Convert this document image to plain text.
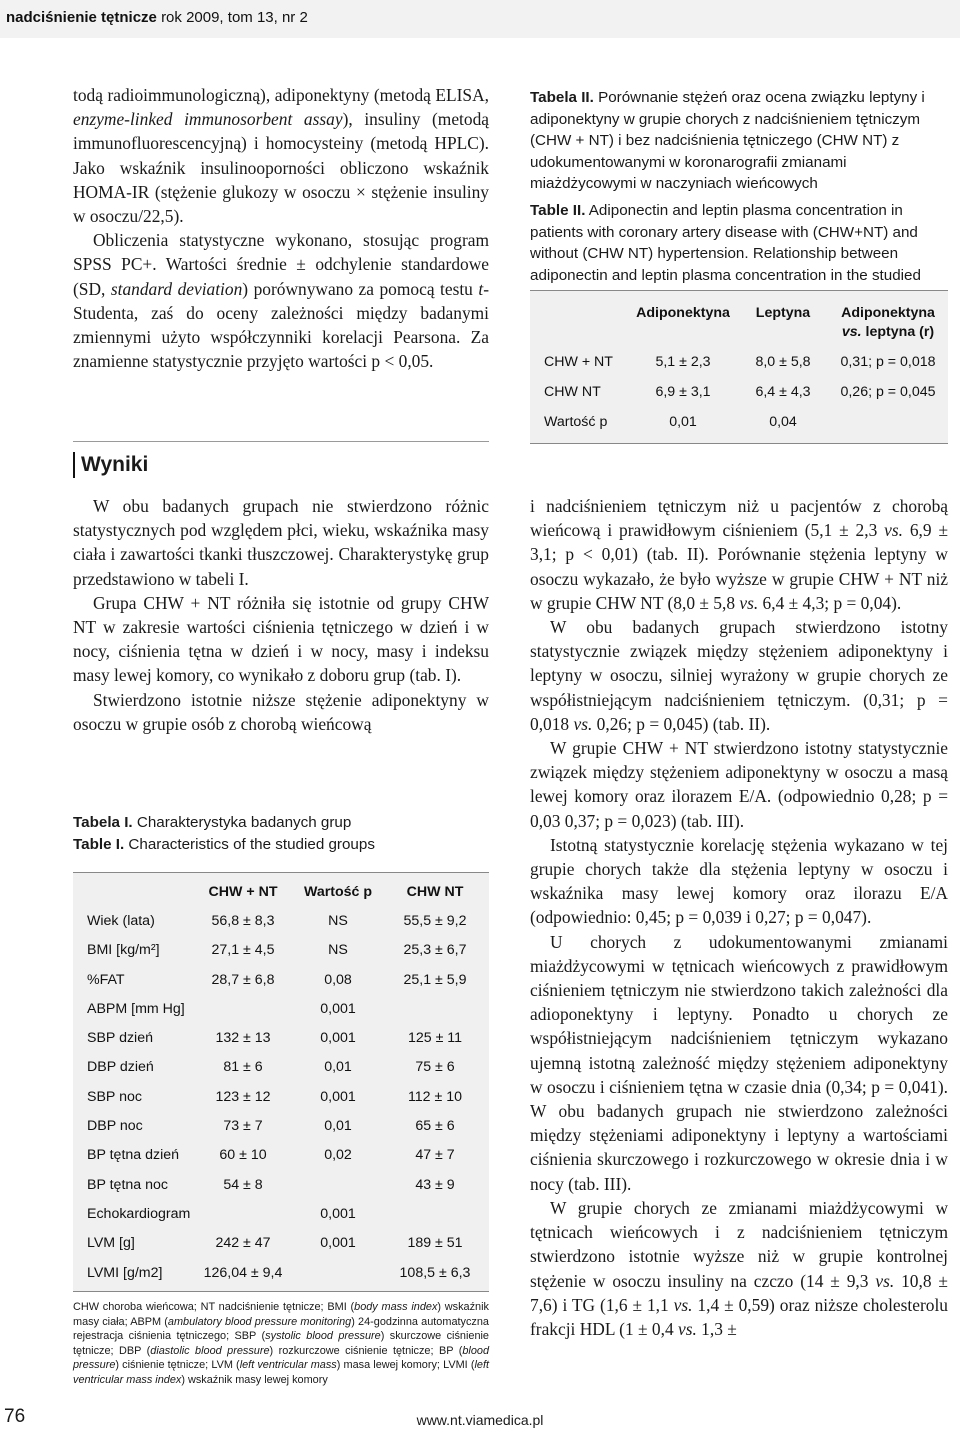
nadciśnienie tętnicze rok 2009, tom 13, nr 2

todą radioimmunologiczną), adiponektyny (metodą ELISA, enzyme-linked immunosorbent assay), insuliny (metodą immunofluorescencyjną) i homocysteiny (metodą HPLC). Jako wskaźnik insulinooporności obliczono wskaźnik HOMA-IR (stężenie glukozy w osoczu × stężenie insuliny w osoczu/22,5).

Obliczenia statystyczne wykonano, stosując program SPSS PC+. Wartości średnie ± odchylenie standardowe (SD, standard deviation) porównywano za pomocą testu t-Studenta, zaś do oceny zależności między badanymi zmiennymi użyto współczynniki korelacji Pearsona. Za znamienne statystycznie przyjęto wartości p < 0,05.

Wyniki

W obu badanych grupach nie stwierdzono różnic statystycznych pod względem płci, wieku, wskaźnika masy ciała i zawartości tkanki tłuszczowej. Charakterystykę grup przedstawiono w tabeli I.

Grupa CHW + NT różniła się istotnie od grupy CHW NT w zakresie wartości ciśnienia tętniczego w dzień i w nocy, ciśnienia tętna w dzień i w nocy, masy i indeksu masy lewej komory, co wynikało z doboru grup (tab. I).

Stwierdzono istotnie niższe stężenie adiponektyny w osoczu w grupie osób z chorobą wieńcową

Tabela I. Charakterystyka badanych grup
Table I. Characteristics of the studied groups
	CHW + NT	Wartość p	CHW NT
Wiek (lata)	56,8 ± 8,3	NS	55,5 ± 9,2
BMI [kg/m²]	27,1 ± 4,5	NS	25,3 ± 6,7
%FAT	28,7 ± 6,8	0,08	25,1 ± 5,9
ABPM [mm Hg]		0,001	
SBP dzień	132 ± 13	0,001	125 ± 11
DBP dzień	81 ± 6	0,01	75 ± 6
SBP noc	123 ± 12	0,001	112 ± 10
DBP noc	73 ± 7	0,01	65 ± 6
BP tętna dzień	60 ± 10	0,02	47 ± 7
BP tętna noc	54 ± 8		43 ± 9
Echokardiogram		0,001	
LVM [g]	242 ± 47	0,001	189 ± 51
LVMI [g/m2]	126,04 ± 9,4		108,5 ± 6,3
CHW choroba wieńcowa; NT nadciśnienie tętnicze; BMI (body mass index) wskaźnik masy ciała; ABPM (ambulatory blood pressure monitoring) 24-godzinna automatyczna rejestracja ciśnienia tętniczego; SBP (systolic blood pressure) skurczowe ciśnienie tętnicze; DBP (diastolic blood pressure) rozkurczowe ciśnienie tętnicze; BP (blood pressure) ciśnienie tętnicze; LVM (left ventricular mass) masa lewej komory; LVMI (left ventricular mass index) wskaźnik masy lewej komory
Tabela II. Porównanie stężeń oraz ocena związku leptyny i adiponektyny w grupie chorych z nadciśnieniem tętniczym (CHW + NT) i bez nadciśnienia tętniczego (CHW NT) z udokumentowanymi w koronarografii zmianami miażdżycowymi w naczyniach wieńcowych
Table II. Adiponectin and leptin plasma concentration in patients with coronary artery disease with (CHW+NT) and without (CHW NT) hypertension. Relationship between adiponectin and leptin plasma concentration in the studied
	Adiponektyna	Leptyna	Adiponektyna
vs. leptyna (r)

CHW + NT	5,1 ± 2,3	8,0 ± 5,8	0,31; p = 0,018
CHW NT	6,9 ± 3,1	6,4 ± 4,3	0,26; p = 0,045
Wartość p	0,01	0,04	

i nadciśnieniem tętniczym niż u pacjentów z chorobą wieńcową i prawidłowym ciśnieniem (5,1 ± 2,3 vs. 6,9 ± 3,1; p < 0,01) (tab. II). Porównanie stężenia leptyny w osoczu wykazało, że było wyższe w grupie CHW + NT niż w grupie CHW NT (8,0 ± 5,8 vs. 6,4 ± 4,3; p = 0,04).

W obu badanych grupach stwierdzono istotny statystycznie związek między stężeniem adiponektyny i leptyny w osoczu, silniej wyrażony w grupie chorych ze współistniejącym nadciśnieniem tętniczym. (0,31; p = 0,018 vs. 0,26; p = 0,045) (tab. II).

W grupie CHW + NT stwierdzono istotny statystycznie związek między stężeniem adiponektyny w osoczu a masą lewej komory oraz ilorazem E/A. (odpowiednio 0,28; p = 0,03 0,37; p = 0,023) (tab. III).

Istotną statystycznie korelację stężenia wykazano w tej grupie chorych także dla stężenia leptyny w osoczu i wskaźnika masy lewej komory oraz ilorazu E/A (odpowiednio: 0,45; p = 0,039 i 0,27; p = 0,047).

U chorych z udokumentowanymi zmianami miażdżycowymi w tętnicach wieńcowych z prawidłowym ciśnieniem tętniczym nie stwierdzono takich zależności dla adioponektyny i leptyny. Ponadto u chorych ze współistniejącym nadciśnieniem tętniczym wykazano ujemną istotną zależność między stężeniem adiponektyny w osoczu i ciśnieniem tętna w czasie dnia (0,34; p = 0,041). W obu badanych grupach nie stwierdzono zależności między stężeniami adiponektyny i leptyny a wartościami ciśnienia skurczowego i rozkurczowego w okresie dnia i w nocy (tab. III).

W grupie chorych ze zmianami miażdżycowymi w tętnicach wieńcowych i z nadciśnieniem tętniczym stwierdzono istotnie wyższe niż w grupie kontrolnej stężenie w osoczu insuliny na czczo (14 ± 9,3 vs. 10,8 ± 7,6) i TG (1,6 ± 1,1 vs. 1,4 ± 0,59) oraz niższe cholesterolu frakcji HDL (1 ± 0,4 vs. 1,3 ±

76	www.nt.viamedica.pl
